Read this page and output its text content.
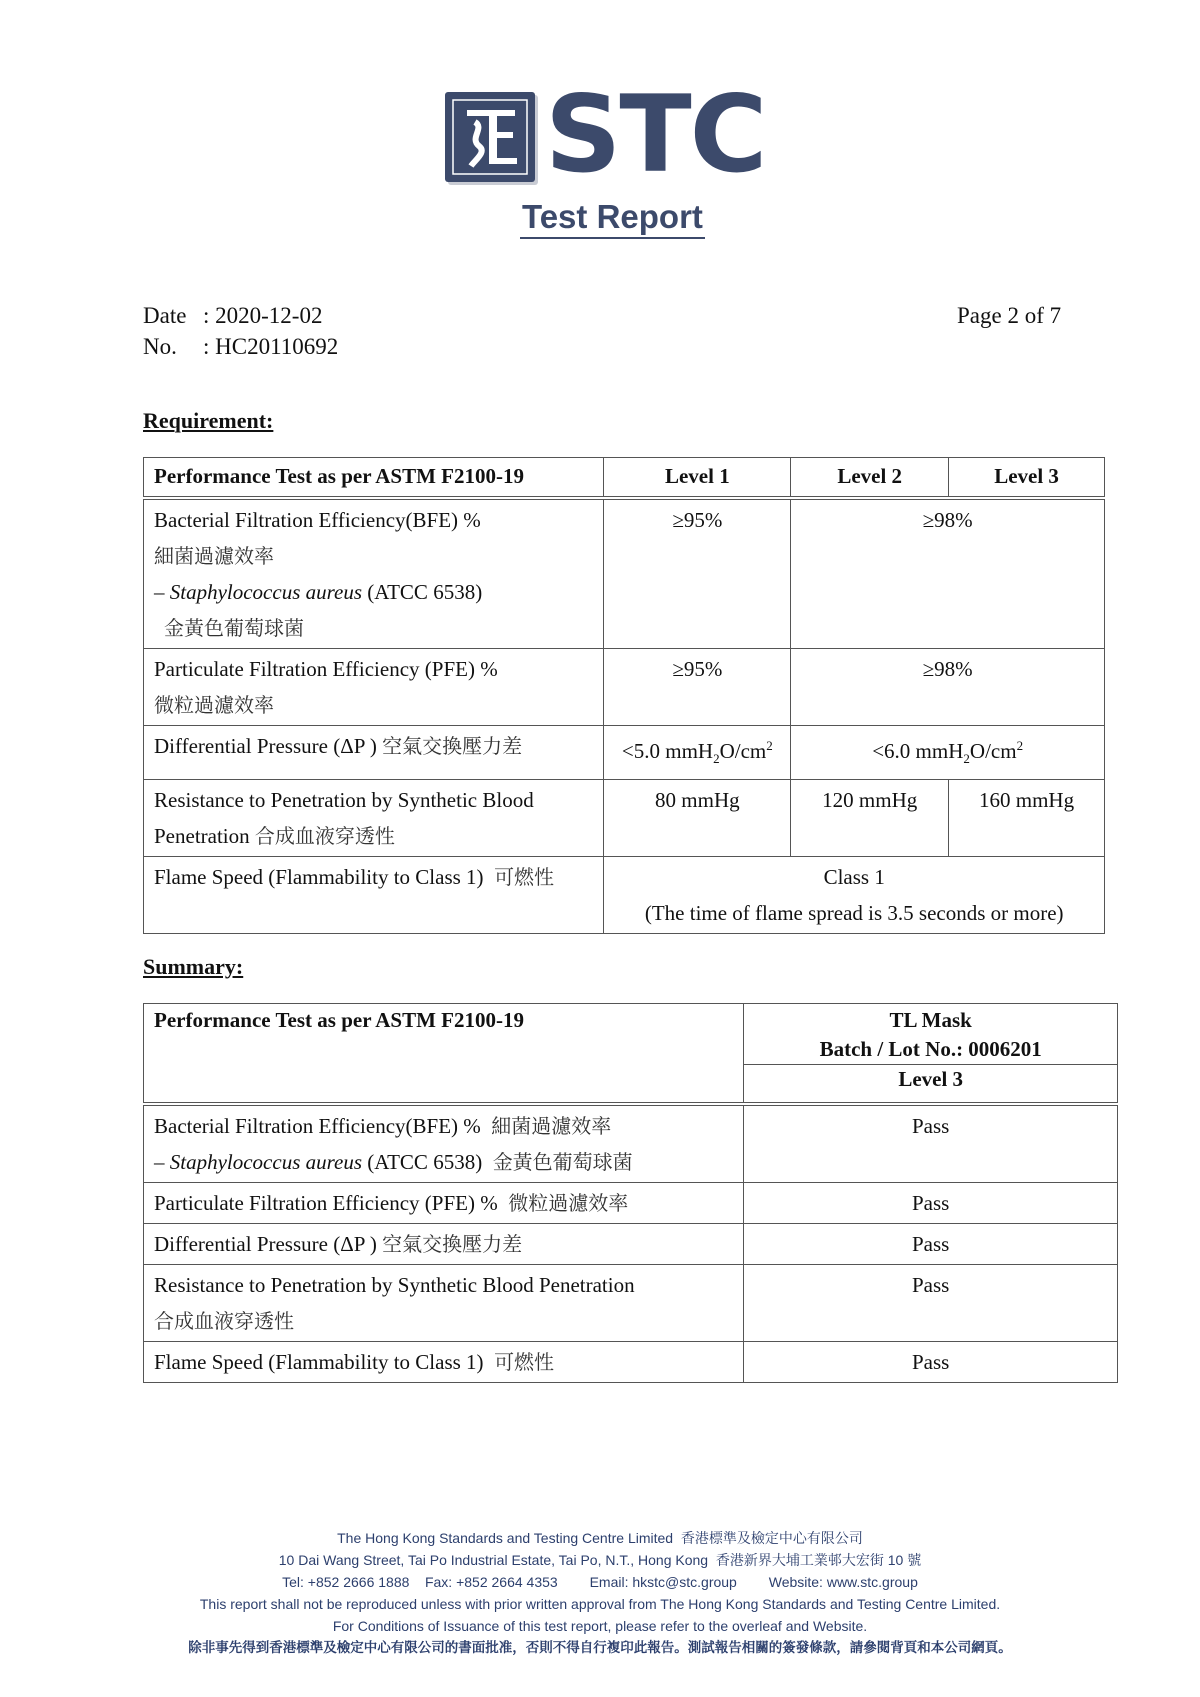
STC
Test Report
Date : 2020-12-02
No.	: HC20110692
Page 2 of 7
Requirement:
Performance Test as per ASTM F2100-19	Level 1	Level 2	Level 3

Bacterial Filtration Efficiency(BFE) %
細菌過濾效率
– Staphylococcus aureus (ATCC 6538)
金黃色葡萄球菌	≥95%	≥98%	

Particulate Filtration Efficiency (PFE) %
微粒過濾效率	≥95%	≥98%	
Differential Pressure (ΔP ) 空氣交換壓力差	<5.0 $mmH_2O/cm^2$	<6.0 $mmH_2O/cm^2$

Resistance to Penetration by Synthetic Blood
Penetration 合成血液穿透性	80 mmHg	120 mmHg	160 mmHg
Flame Speed (Flammability to Class 1) 可燃性	Class 1
(The time of flame spread is 3.5 seconds or more)		
Summary:
Performance Test as per ASTM F2100-19	TL Mask
Batch / Lot No.: 0006201

	Level 3

Bacterial Filtration Efficiency(BFE) % 細菌過濾效率
– Staphylococcus aureus (ATCC 6538) 金黃色葡萄球菌	Pass
Particulate Filtration Efficiency (PFE) % 微粒過濾效率	Pass
Differential Pressure (ΔP ) 空氣交換壓力差	Pass

Resistance to Penetration by Synthetic Blood Penetration
合成血液穿透性	Pass
Flame Speed (Flammability to Class 1) 可燃性	Pass
The Hong Kong Standards and Testing Centre Limited 香港標準及檢定中心有限公司
10 Dai Wang Street, Tai Po Industrial Estate, Tai Po, N.T., Hong Kong 香港新界大埔工業邨大宏街 10 號
Tel: +852 2666 1888 Fax: +852 2664 4353 Email: hkstc@stc.group Website: www.stc.group
This report shall not be reproduced unless with prior written approval from The Hong Kong Standards and Testing Centre Limited.
For Conditions of Issuance of this test report, please refer to the overleaf and Website.
除非事先得到香港標準及檢定中心有限公司的書面批准，否則不得自行複印此報告。測試報告相關的簽發條款，請參閱背頁和本公司網頁。
